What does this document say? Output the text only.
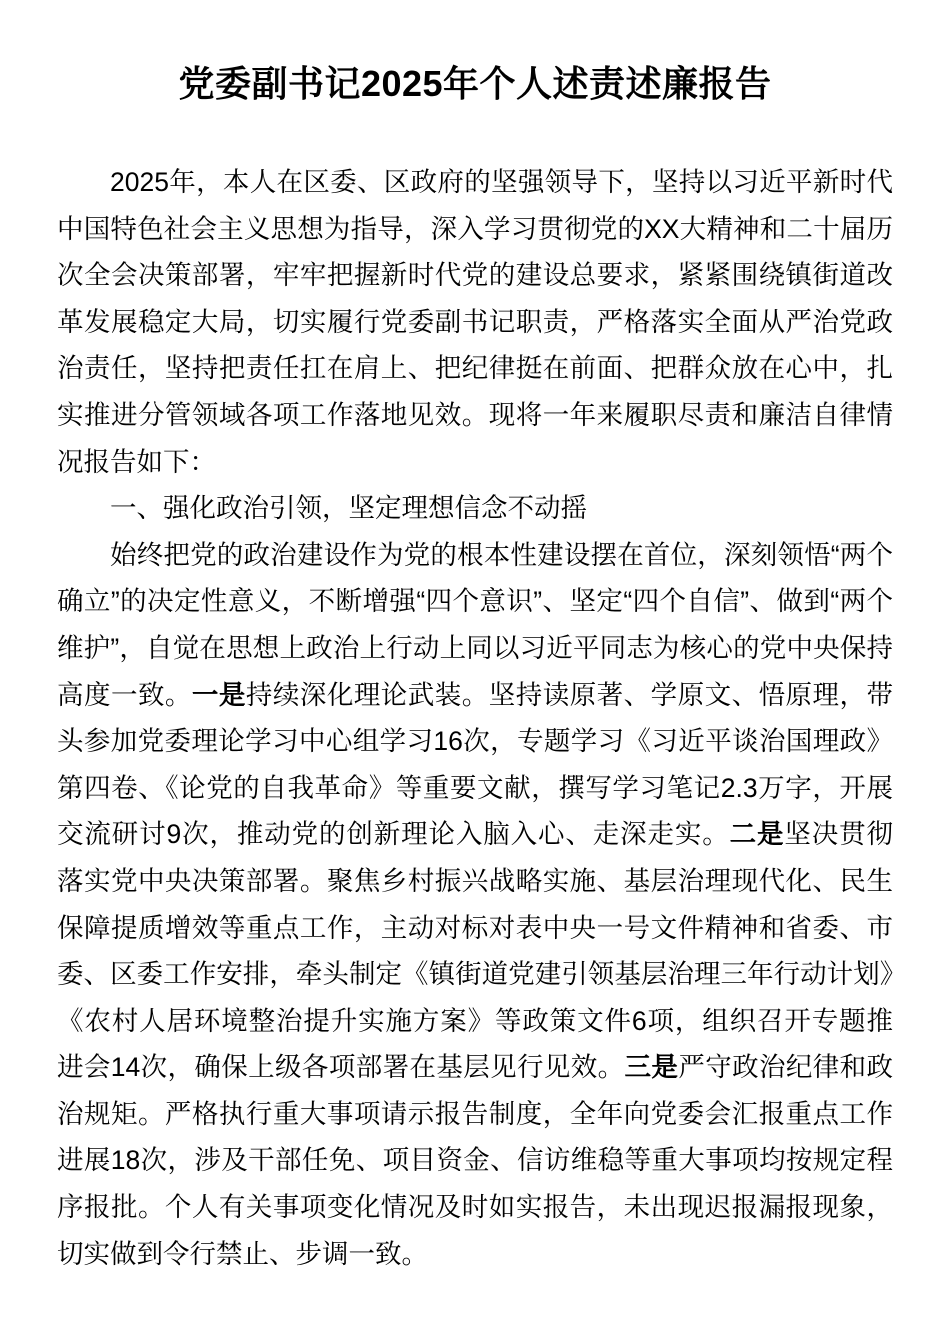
党委副书记2025年个人述责述廉报告

2025年，本人在区委、区政府的坚强领导下，坚持以习近平新时代中国特色社会主义思想为指导，深入学习贯彻党的XX大精神和二十届历次全会决策部署，牢牢把握新时代党的建设总要求，紧紧围绕镇街道改革发展稳定大局，切实履行党委副书记职责，严格落实全面从严治党政治责任，坚持把责任扛在肩上、把纪律挺在前面、把群众放在心中，扎实推进分管领域各项工作落地见效。现将一年来履职尽责和廉洁自律情况报告如下：

一、强化政治引领，坚定理想信念不动摇

始终把党的政治建设作为党的根本性建设摆在首位，深刻领悟“两个确立”的决定性意义，不断增强“四个意识”、坚定“四个自信”、做到“两个维护”，自觉在思想上政治上行动上同以习近平同志为核心的党中央保持高度一致。一是持续深化理论武装。坚持读原著、学原文、悟原理，带头参加党委理论学习中心组学习16次，专题学习《习近平谈治国理政》第四卷、《论党的自我革命》等重要文献，撰写学习笔记2.3万字，开展交流研讨9次，推动党的创新理论入脑入心、走深走实。二是坚决贯彻落实党中央决策部署。聚焦乡村振兴战略实施、基层治理现代化、民生保障提质增效等重点工作，主动对标对表中央一号文件精神和省委、市委、区委工作安排，牵头制定《镇街道党建引领基层治理三年行动计划》《农村人居环境整治提升实施方案》等政策文件6项，组织召开专题推进会14次，确保上级各项部署在基层见行见效。三是严守政治纪律和政治规矩。严格执行重大事项请示报告制度，全年向党委会汇报重点工作进展18次，涉及干部任免、项目资金、信访维稳等重大事项均按规定程序报批。个人有关事项变化情况及时如实报告，未出现迟报漏报现象，切实做到令行禁止、步调一致。
